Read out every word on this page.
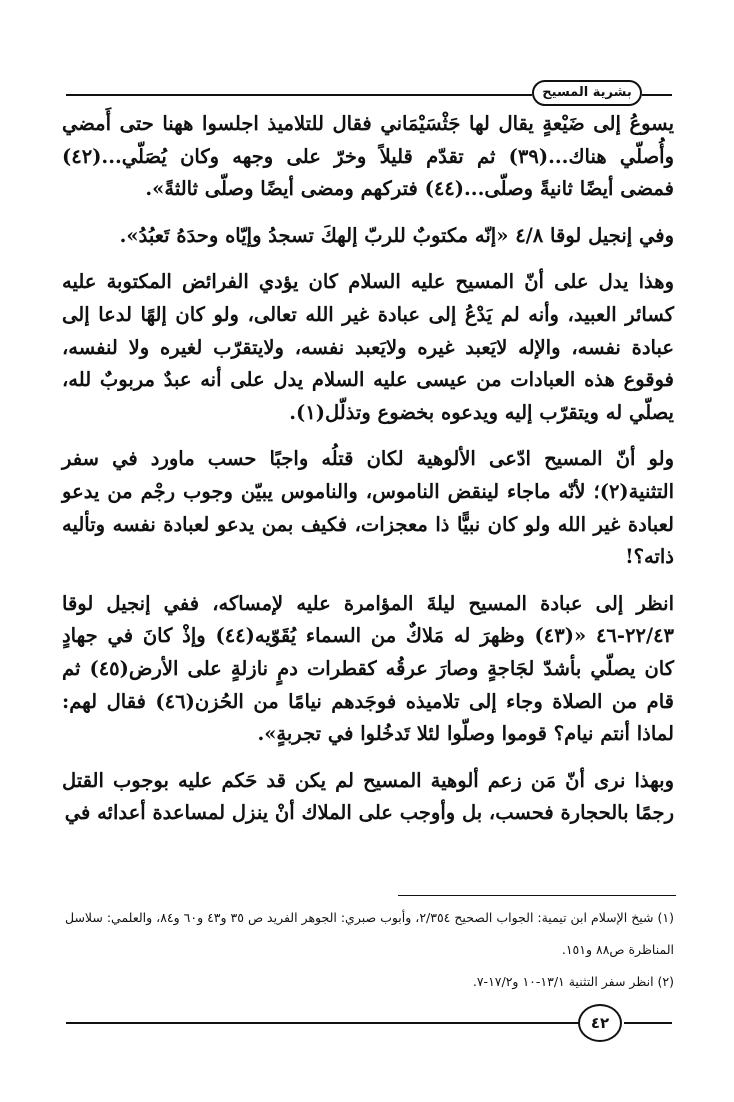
بشرية المسيح

يسوعُ إلى ضَيْعةٍ يقال لها جَثْسَيْمَاني فقال للتلاميذ اجلسوا ههنا حتى أَمضي وأُصلّي هناك...(٣٩) ثم تقدّم قليلاً وخرّ على وجهه وكان يُصَلّي...(٤٢) فمضى أيضًا ثانيةً وصلّى...(٤٤) فتركهم ومضى أيضًا وصلّى ثالثةً».

وفي إنجيل لوقا ٤/٨ «إنّه مكتوبٌ للربّ إلهكَ تسجدُ وإيّاه وحدَهُ تَعبُدُ».

وهذا يدل على أنّ المسيح عليه السلام كان يؤدي الفرائض المكتوبة عليه كسائر العبيد، وأنه لم يَدْعُ إلى عبادة غير الله تعالى، ولو كان إلهًا لدعا إلى عبادة نفسه، والإله لايَعبد غيره ولايَعبد نفسه، ولايتقرّب لغيره ولا لنفسه، فوقوع هذه العبادات من عيسى عليه السلام يدل على أنه عبدٌ مربوبٌ لله، يصلّي له ويتقرّب إليه ويدعوه بخضوع وتذلّل(١).

ولو أنّ المسيح ادّعى الألوهية لكان قتلُه واجبًا حسب ماورد في سفر التثنية(٢)؛ لأنّه ماجاء لينقض الناموس، والناموس يبيّن وجوب رجْم من يدعو لعبادة غير الله ولو كان نبيًّا ذا معجزات، فكيف بمن يدعو لعبادة نفسه وتأليه ذاته؟!

انظر إلى عبادة المسيح ليلةَ المؤامرة عليه لإمساكه، ففي إنجيل لوقا ٢٢/٤٣-٤٦ «(٤٣) وظهرَ له مَلاكٌ من السماء يُقَوّيه(٤٤) وإذْ كانَ في جهادٍ كان يصلّي بأشدّ لجَاجةٍ وصارَ عرقُه كقطرات دمٍ نازلةٍ على الأرض(٤٥) ثم قام من الصلاة وجاء إلى تلاميذه فوجَدهم نيامًا من الحُزن(٤٦) فقال لهم: لماذا أنتم نيام؟ قوموا وصلّوا لئلا تَدخُلوا في تجربةٍ».

وبهذا نرى أنّ مَن زعم ألوهية المسيح لم يكن قد حَكم عليه بوجوب القتل رجمًا بالحجارة فحسب، بل وأوجب على الملاك أنْ ينزل لمساعدة أعدائه في

(١) شيخ الإسلام ابن تيمية: الجواب الصحيح ٢/٣٥٤، وأبوب صبري: الجوهر الفريد ص ٣٥ و٤٣ و٦٠ و٨٤، والعلمي: سلاسل المناظرة ص٨٨ و١٥١.

(٢) انظر سفر التثنية ١٣/١-١٠ و١٧/٢-٧.

٤٢
